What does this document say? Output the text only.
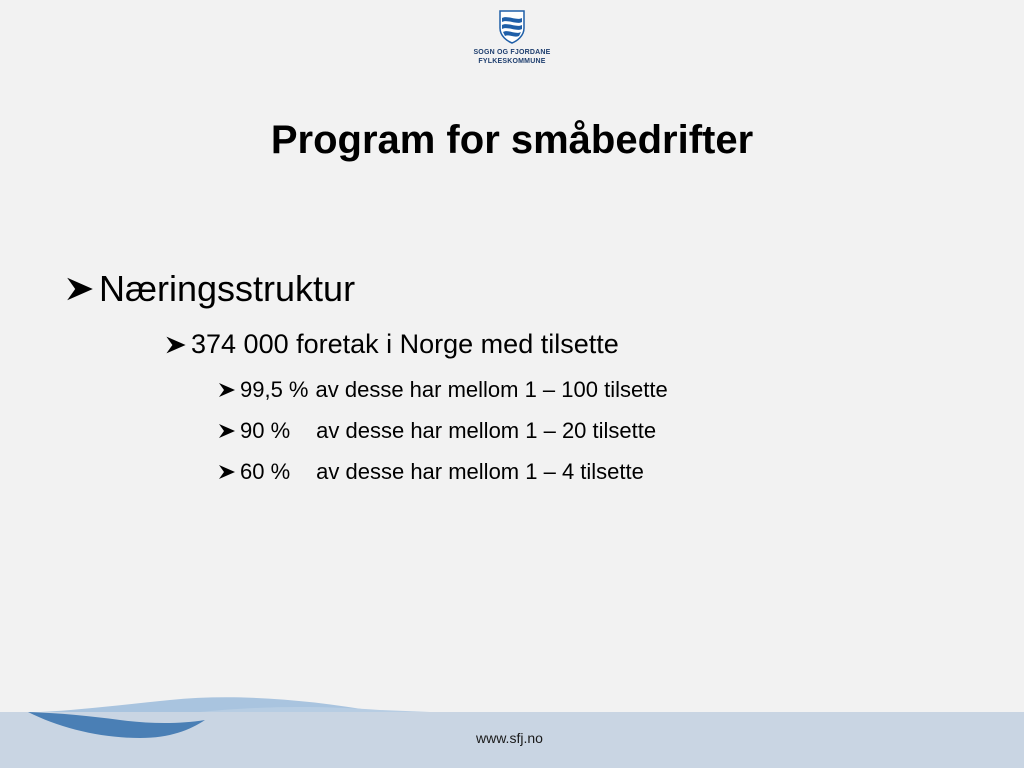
SOGN OG FJORDANE
FYLKESKOMMUNE
Program for småbedrifter
Næringsstruktur
374 000 foretak i Norge med tilsette
99,5 % av desse har mellom 1 – 100 tilsette
90 % av desse har mellom 1 – 20 tilsette
60 % av desse har mellom 1 – 4 tilsette
www.sfj.no
